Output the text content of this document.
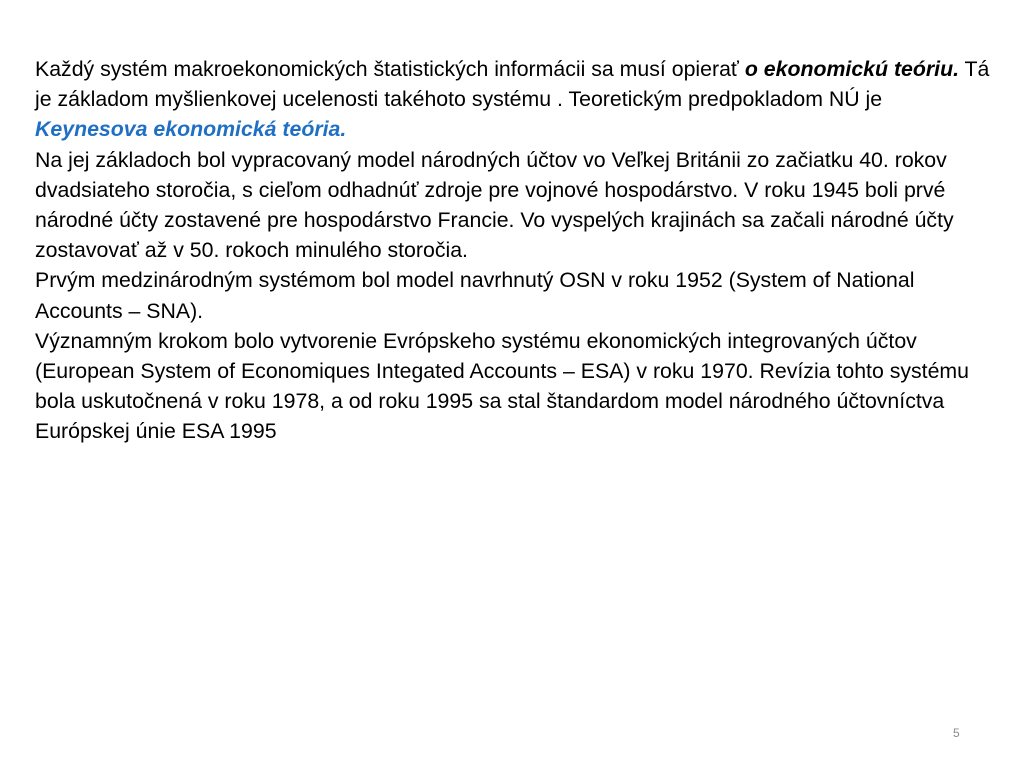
Každý systém makroekonomických štatistických informácii sa musí opierať o ekonomickú teóriu. Tá je základom myšlienkovej ucelenosti takéhoto systému . Teoretickým predpokladom NÚ je Keynesova ekonomická teória.

Na jej základoch bol vypracovaný model národných účtov vo Veľkej Británii zo začiatku 40. rokov dvadsiateho storočia, s cieľom odhadnúť zdroje pre vojnové hospodárstvo. V roku 1945 boli prvé národné účty zostavené pre hospodárstvo Francie. Vo vyspelých krajinách sa začali národné účty zostavovať až v 50. rokoch minulého storočia.

Prvým medzinárodným systémom bol model navrhnutý OSN v roku 1952 (System of National Accounts – SNA).

Významným krokom bolo vytvorenie Evrópskeho systému ekonomických integrovaných účtov (European System of Economiques Integated Accounts – ESA) v roku 1970. Revízia tohto systému bola uskutočnená v roku 1978, a od roku 1995 sa stal štandardom model národného účtovníctva Európskej únie ESA 1995

5
